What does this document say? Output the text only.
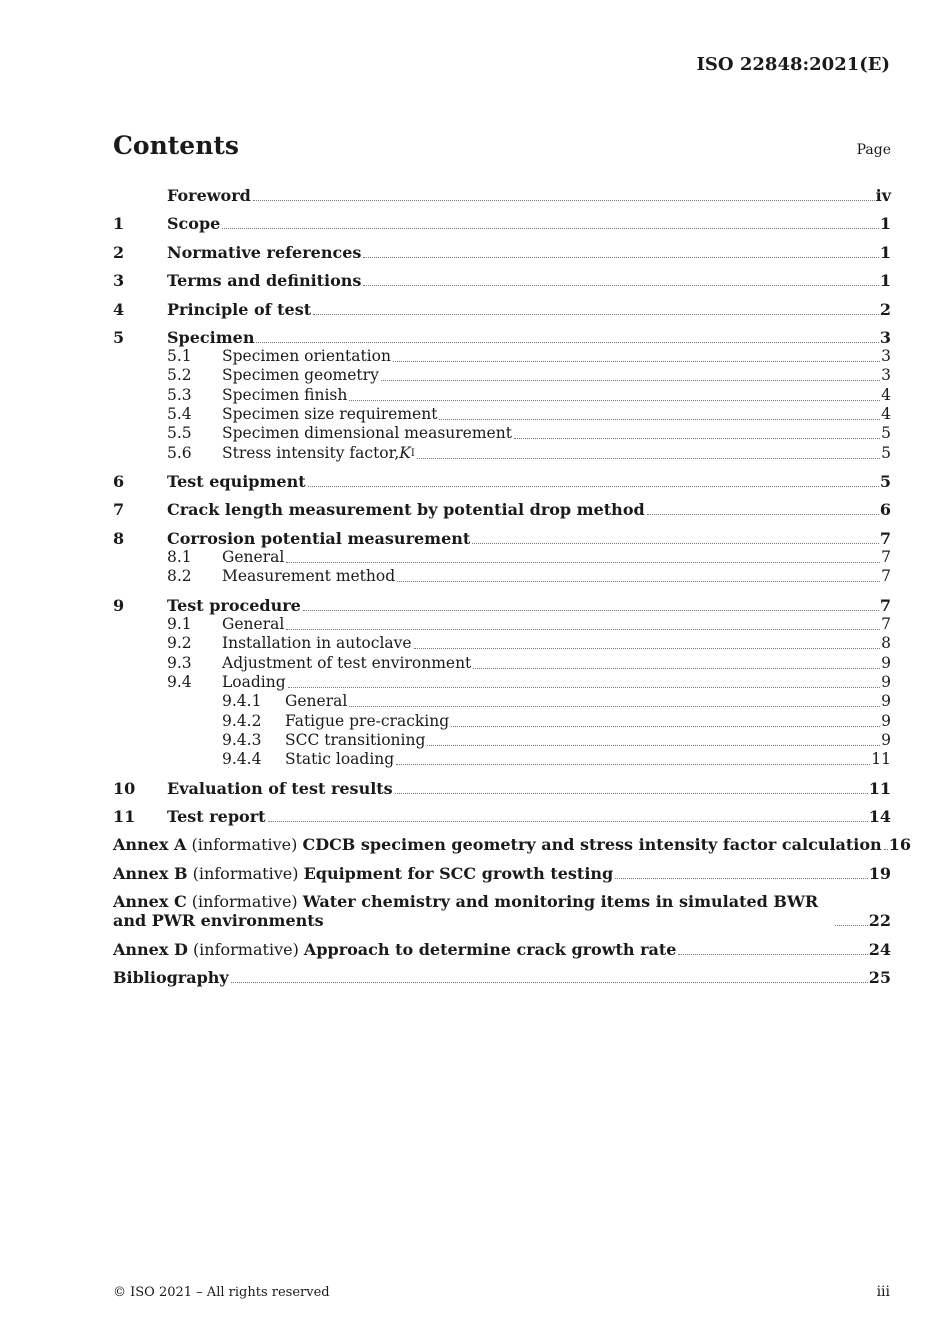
ISO 22848:2021(E)
Contents	Page
Foreword	iv
1	Scope	1
2	Normative references	1
3	Terms and definitions	1
4	Principle of test	2
5	Specimen	3
5.1	Specimen orientation	3
5.2	Specimen geometry	3
5.3	Specimen finish	4
5.4	Specimen size requirement	4
5.5	Specimen dimensional measurement	5
5.6	Stress intensity factor, K I	5
6	Test equipment	5
7	Crack length measurement by potential drop method	6
8	Corrosion potential measurement	7
8.1	General	7
8.2	Measurement method	7
9	Test procedure	7
9.1	General	7
9.2	Installation in autoclave	8
9.3	Adjustment of test environment	9
9.4	Loading	9
9.4.1	General	9
9.4.2	Fatigue pre-cracking	9
9.4.3	SCC transitioning	9
9.4.4	Static loading	11
10	Evaluation of test results	11
11	Test report	14
Annex A (informative) CDCB specimen geometry and stress intensity factor calculation 16
Annex B (informative) Equipment for SCC growth testing	19
Annex C (informative) Water chemistry and monitoring items in simulated BWR and PWR environments	22
Annex D (informative) Approach to determine crack growth rate	24
Bibliography	25
© ISO 2021 – All rights reserved	iii
